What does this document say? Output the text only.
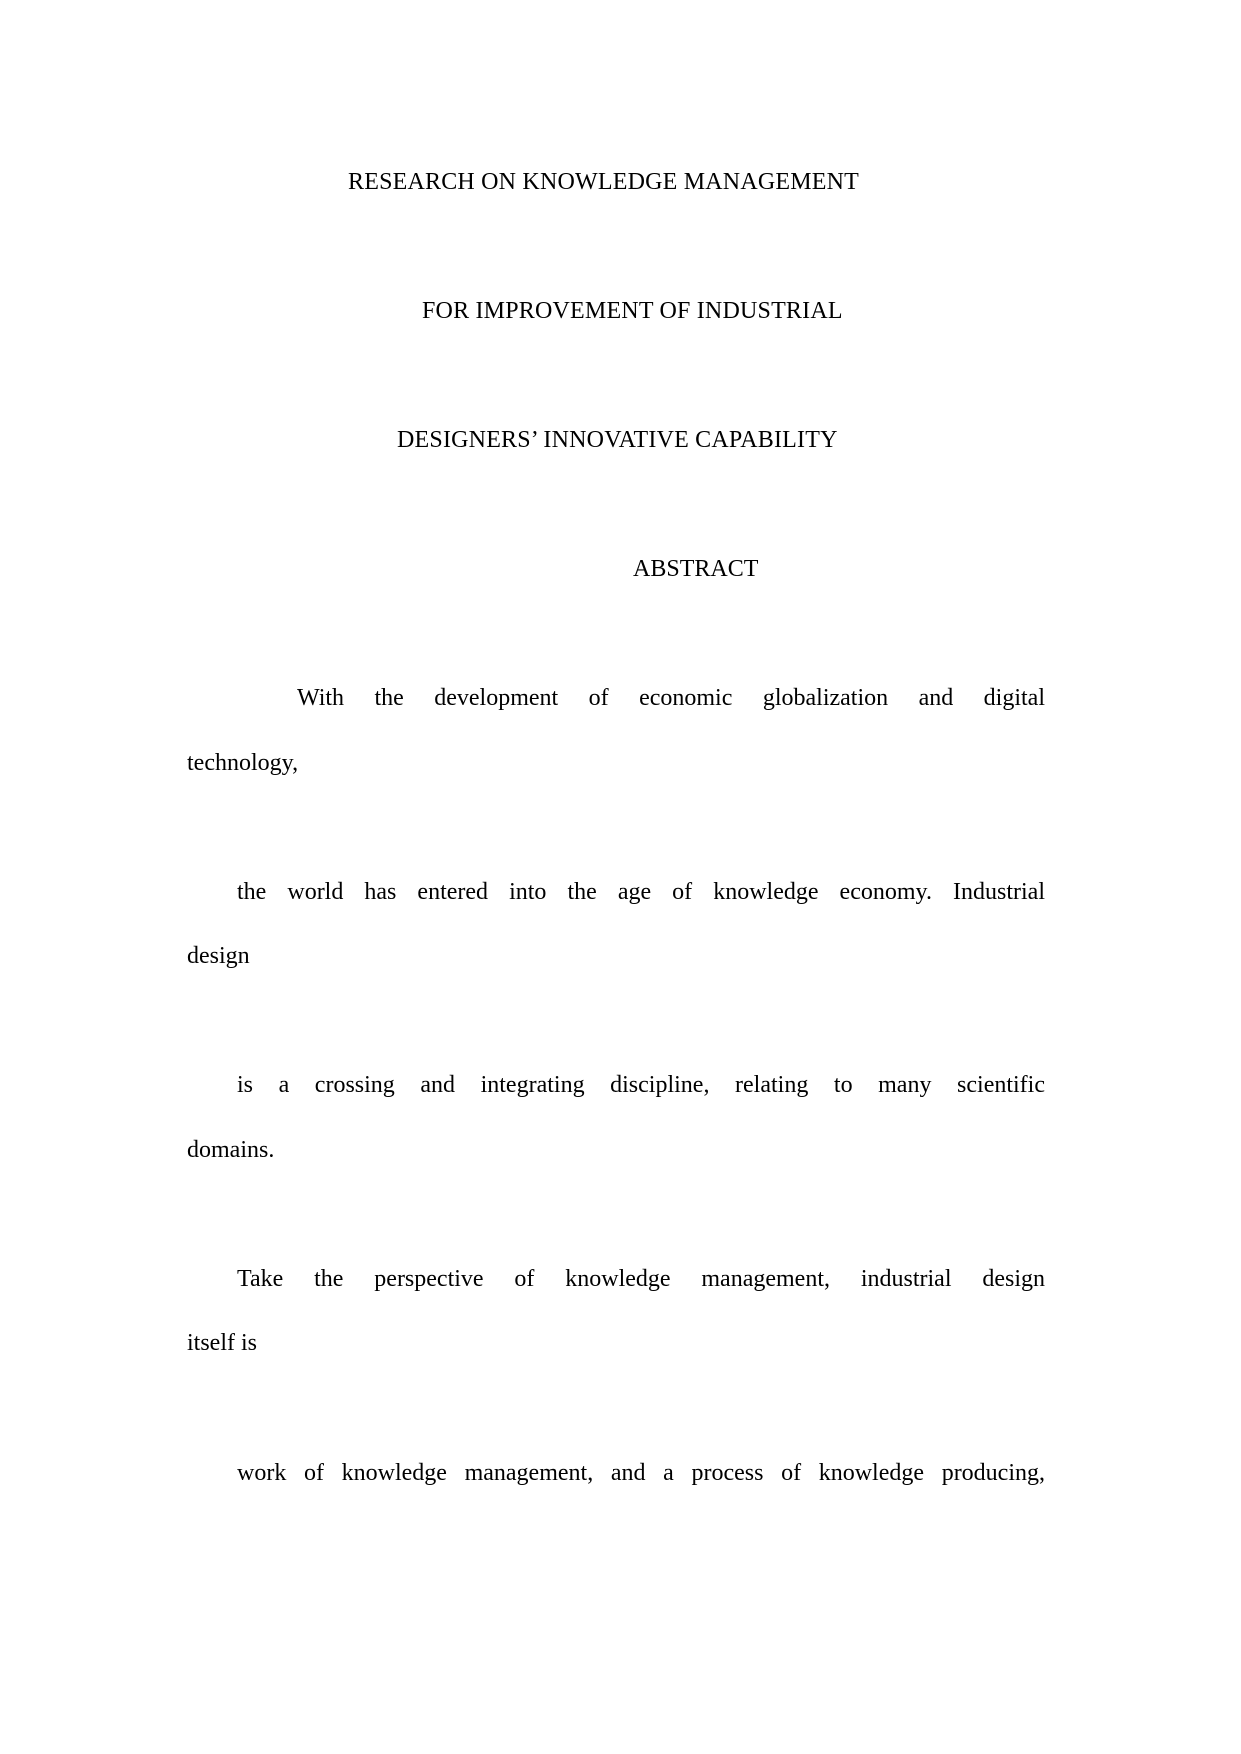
RESEARCH ON KNOWLEDGE MANAGEMENT
FOR IMPROVEMENT OF INDUSTRIAL
DESIGNERS’ INNOVATIVE CAPABILITY
ABSTRACT
With the development of economic globalization and digital
technology,
the world has entered into the age of knowledge economy. Industrial
design
is a crossing and integrating discipline, relating to many scientific
domains.
Take the perspective of knowledge management, industrial design
itself is
work of knowledge management, and a process of knowledge producing,
